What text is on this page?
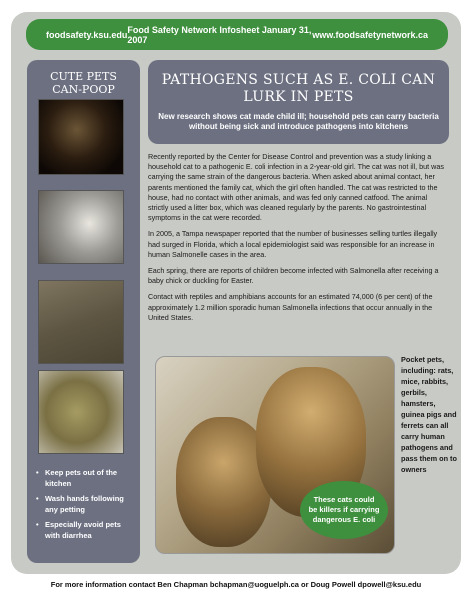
foodsafety.ksu.edu Food Safety Network Infosheet January 31, 2007	www.foodsafetynetwork.ca
CUTE PETS
CAN-POOP
• Keep pets out of the kitchen
• Wash hands following any petting
• Especially avoid pets with diarrhea
PATHOGENS SUCH AS E. COLI CAN
LURK IN PETS
New research shows cat made child ill; household pets can carry bacteria without being sick and introduce pathogens into kitchens

Recently reported by the Center for Disease Control and prevention was a study linking a household cat to a pathogenic E. coli infection in a 2-year-old girl. The cat was not ill, but was carrying the same strain of the dangerous bacteria. When asked about animal contact, her parents mentioned the family cat, which the girl often handled. The cat was restricted to the house, had no contact with other animals, and was fed only canned catfood. The animal strictly used a litter box, which was cleaned regularly by the parents. No gastrointestinal symptoms in the cat were recorded.

In 2005, a Tampa newspaper reported that the number of businesses selling turtles illegally had surged in Florida, which a local epidemiologist said was responsible for an increase in human Salmonelle cases in the area.

Each spring, there are reports of children become infected with Salmonella after receiving a baby chick or duckling for Easter.

Contact with reptiles and amphibians accounts for an estimated 74,000 (6 per cent) of the approximately 1.2 million sporadic human Salmonella infections that occur annually in the United States.

These cats could
be killers if carrying
dangerous E. coli
Pocket pets, including: rats, mice, rabbits, gerbils, hamsters, guinea pigs and ferrets can all carry human pathogens and pass them on to owners
For more information contact Ben Chapman bchapman@uoguelph.ca or Doug Powell dpowell@ksu.edu
